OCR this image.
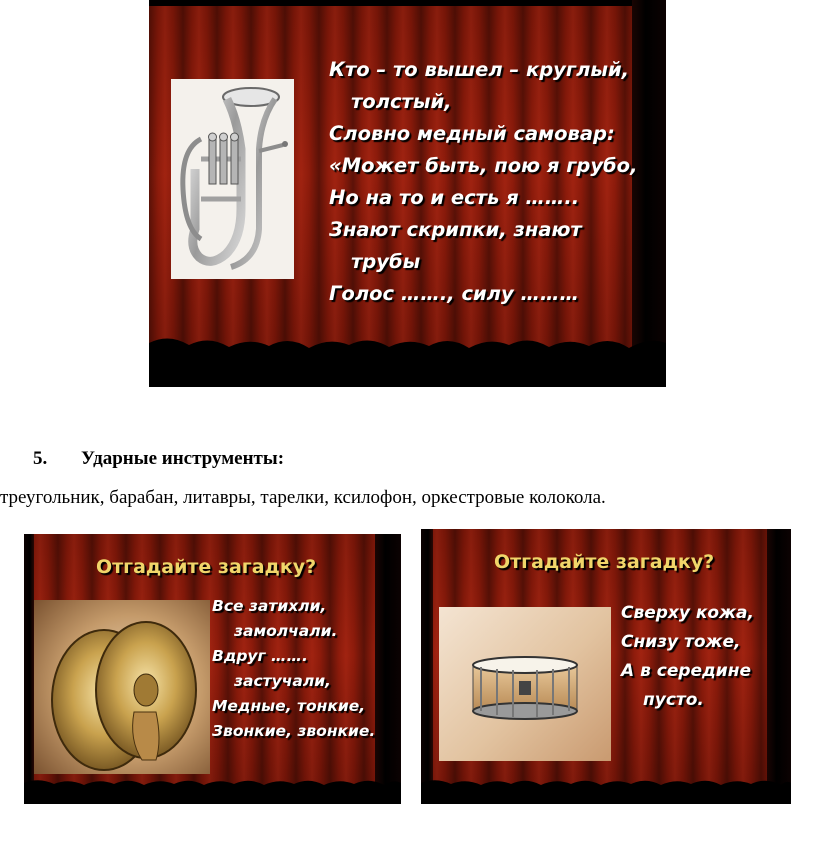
Кто – то вышел – круглый, толстый,
Словно медный самовар:
«Может быть, пою я грубо,
Но на то и есть я ……..
Знают скрипки, знают трубы
Голос ……., силу ………
5. Ударные инструменты:
треугольник, барабан, литавры, тарелки, ксилофон, оркестровые колокола.
Отгадайте загадку?
Все затихли, замолчали.
Вдруг ……. застучали,
Медные, тонкие,
Звонкие, звонкие.
Отгадайте загадку?
Сверху кожа,
Снизу тоже,
А в середине пусто.
